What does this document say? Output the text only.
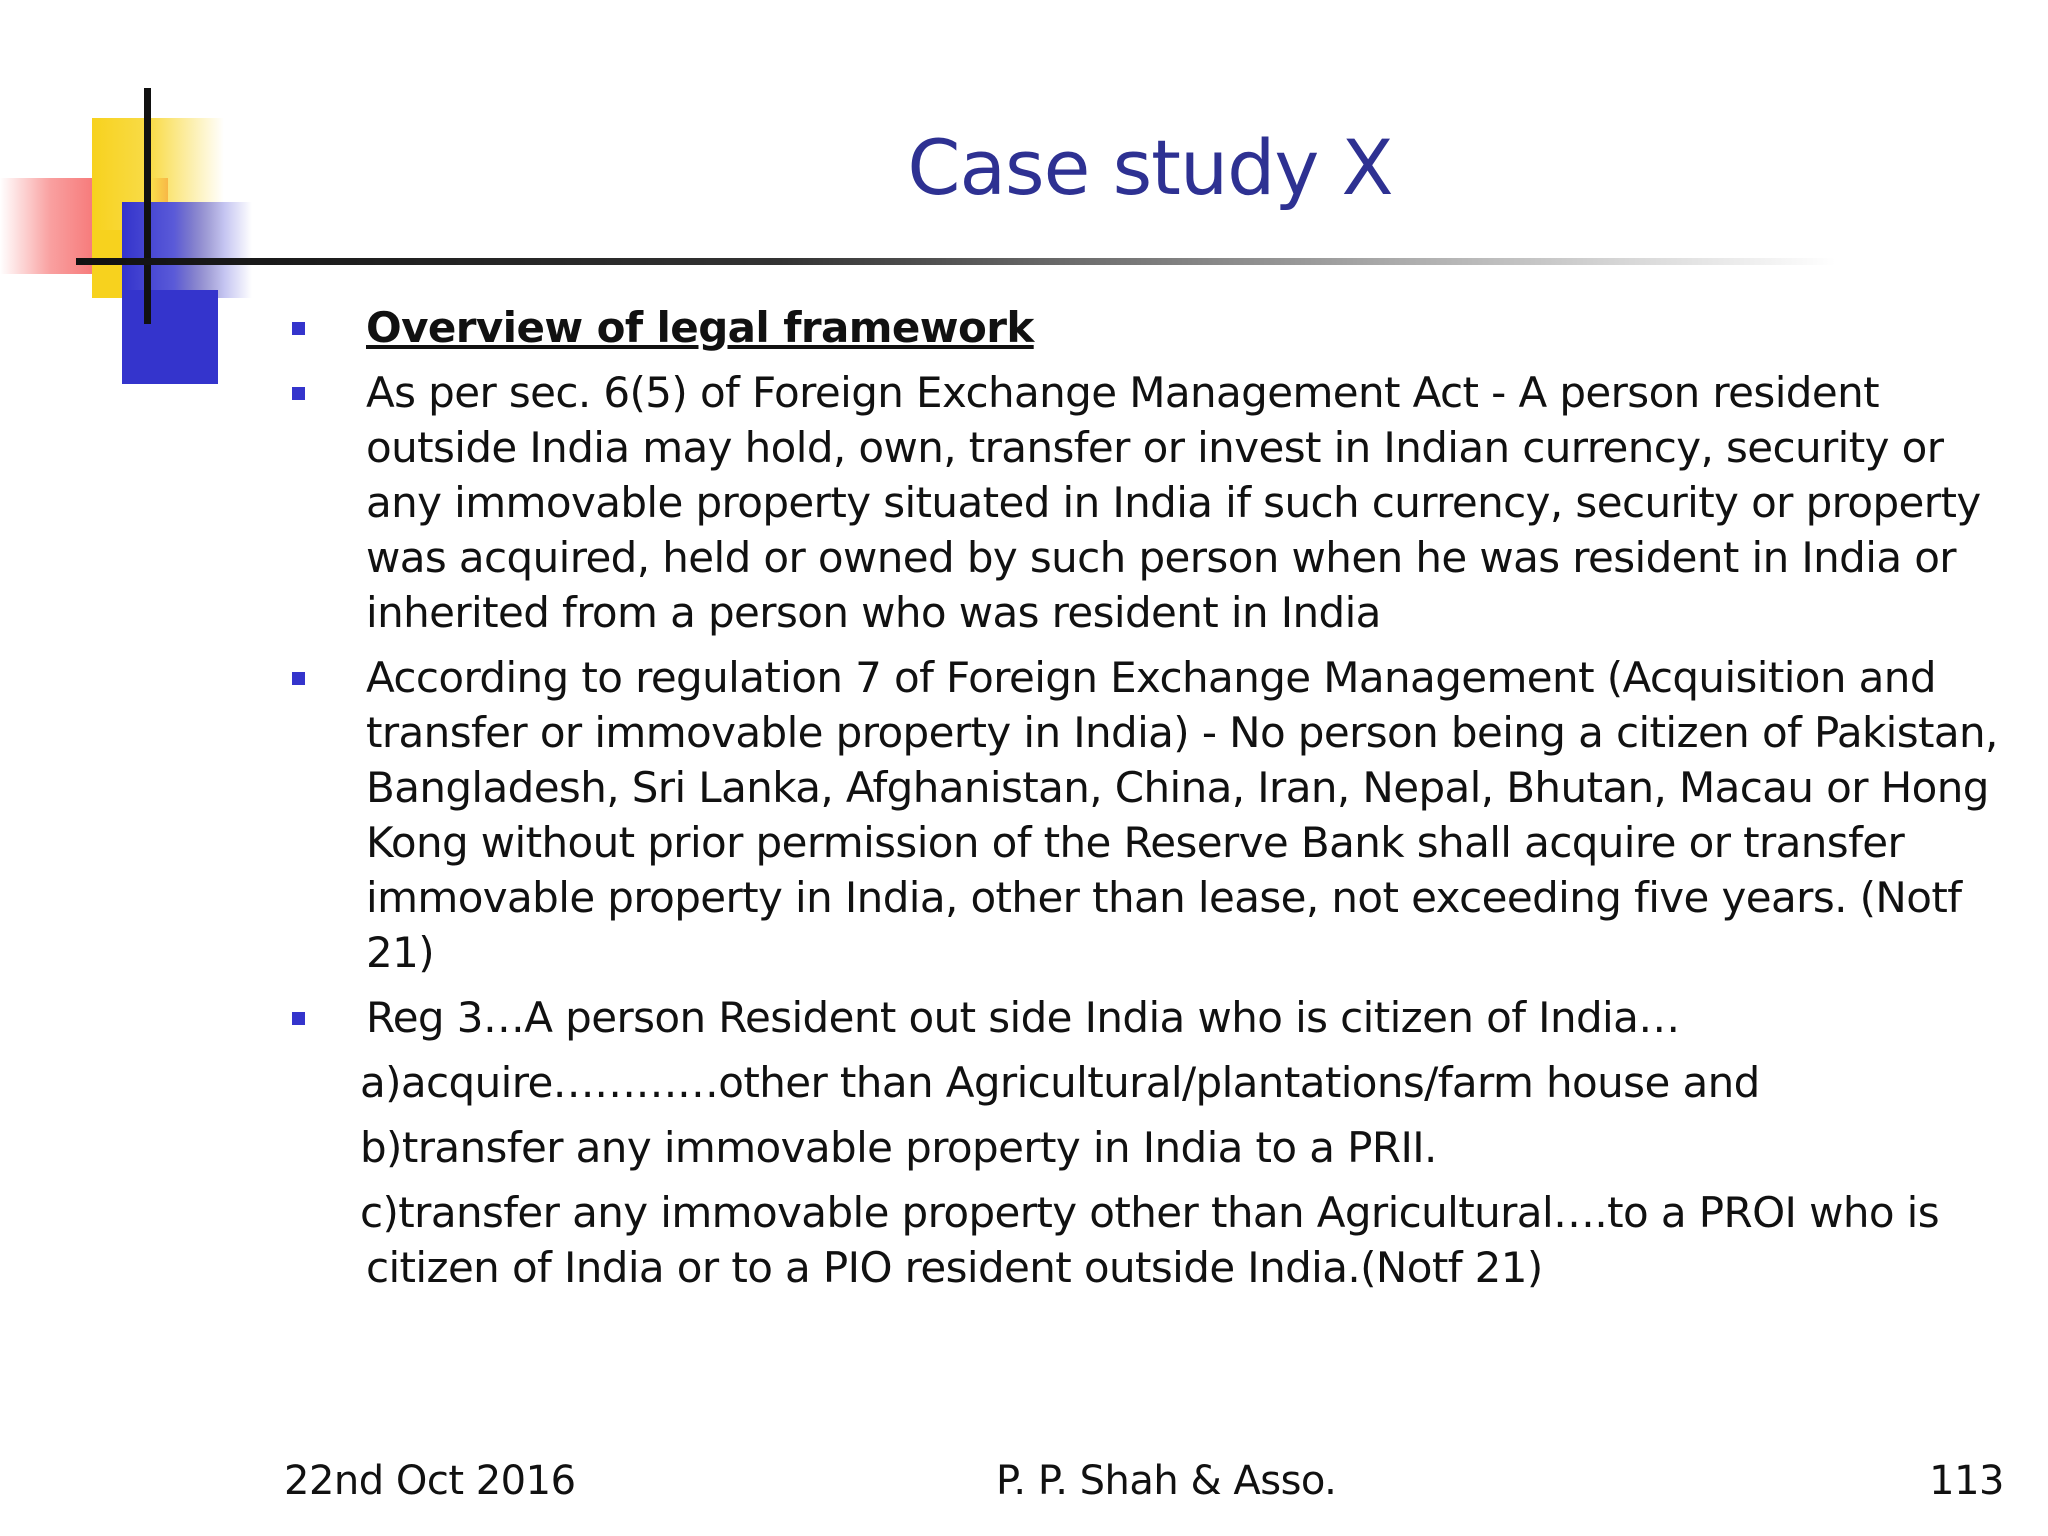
Case study X
Overview of legal framework
As per sec. 6(5) of Foreign Exchange Management Act - A person resident outside India may hold, own, transfer or invest in Indian currency, security or any immovable property situated in India if such currency, security or property was acquired, held or owned by such person when he was resident in India or inherited from a person who was resident in India
According to regulation 7 of Foreign Exchange Management (Acquisition and transfer or immovable property in India) - No person being a citizen of Pakistan, Bangladesh, Sri Lanka, Afghanistan, China, Iran, Nepal, Bhutan, Macau or Hong Kong without prior permission of the Reserve Bank shall acquire or transfer immovable property in India, other than lease, not exceeding five years. (Notf 21)
Reg 3…A person Resident out side India who is citizen of India…
a)acquire…………other than Agricultural/plantations/farm house and
b)transfer any immovable property in India to a PRII.
c)transfer any immovable property other than Agricultural….to a PROI who is citizen of India or to a PIO resident outside India.(Notf 21)
22nd Oct 2016	P. P. Shah & Asso.	113
